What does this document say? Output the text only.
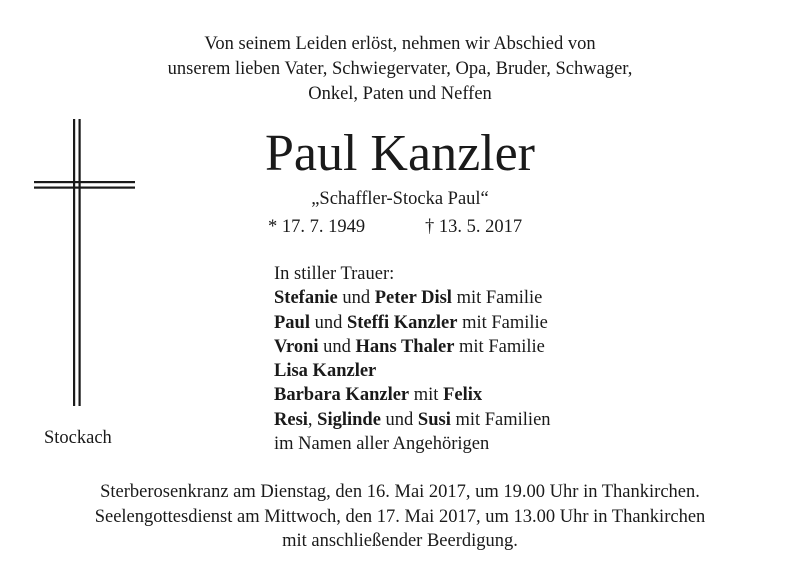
Von seinem Leiden erlöst, nehmen wir Abschied von
unserem lieben Vater, Schwiegervater, Opa, Bruder, Schwager,
Onkel, Paten und Neffen
Paul Kanzler
„Schaffler-Stocka Paul“
* 17. 7. 1949	† 13. 5. 2017
In stiller Trauer:
Stefanie und Peter Disl mit Familie
Paul und Steffi Kanzler mit Familie
Vroni und Hans Thaler mit Familie
Lisa Kanzler
Barbara Kanzler mit Felix
Resi, Siglinde und Susi mit Familien
im Namen aller Angehörigen
Stockach
Sterberosenkranz am Dienstag, den 16. Mai 2017, um 19.00 Uhr in Thankirchen.
Seelengottesdienst am Mittwoch, den 17. Mai 2017, um 13.00 Uhr in Thankirchen
mit anschließender Beerdigung.
